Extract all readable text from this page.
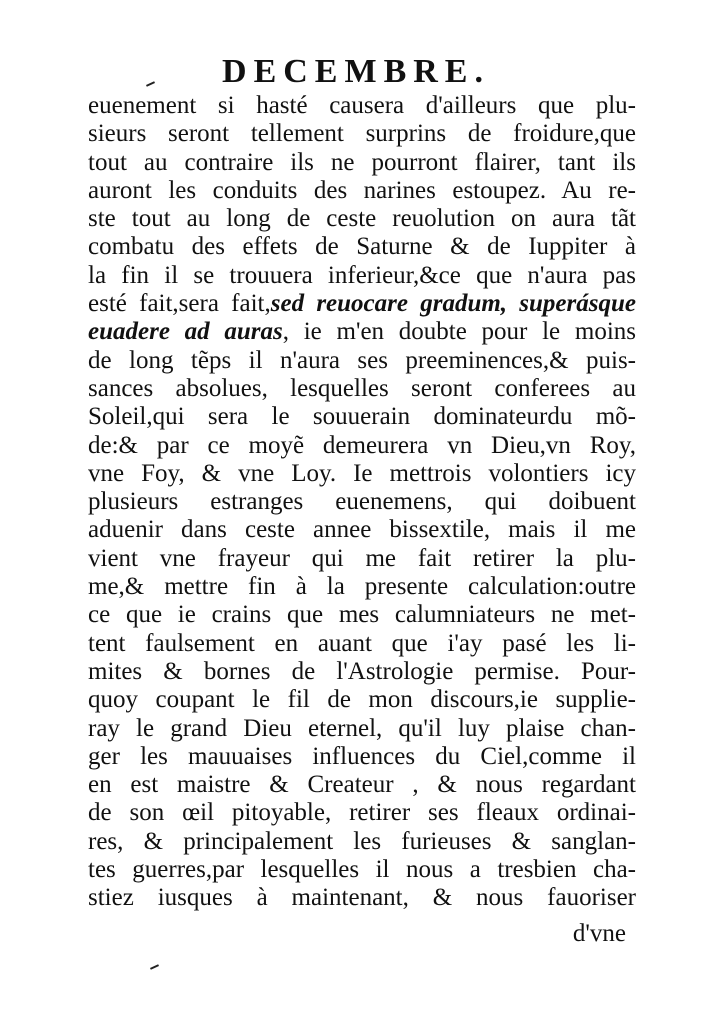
DECEMBRE.
euenement si hasté causera d'ailleurs que plu-
sieurs seront tellement surprins de froidure,que
tout au contraire ils ne pourront flairer, tant ils
auront les conduits des narines estoupez. Au re-
ste tout au long de ceste reuolution on aura tãt
combatu des effets de Saturne & de Iuppiter à
la fin il se trouuera inferieur,&ce que n'aura pas
esté fait,sera fait,sed reuocare gradum, superásque
euadere ad auras, ie m'en doubte pour le moins
de long tẽps il n'aura ses preeminences,& puis-
sances absolues, lesquelles seront conferees au
Soleil,qui sera le souuerain dominateurdu mõ-
de:& par ce moyẽ demeurera vn Dieu,vn Roy,
vne Foy, & vne Loy. Ie mettrois volontiers icy
plusieurs estranges euenemens, qui doibuent
aduenir dans ceste annee bissextile, mais il me
vient vne frayeur qui me fait retirer la plu-
me,& mettre fin à la presente calculation:outre
ce que ie crains que mes calumniateurs ne met-
tent faulsement en auant que i'ay pasé les li-
mites & bornes de l'Astrologie permise. Pour-
quoy coupant le fil de mon discours,ie supplie-
ray le grand Dieu eternel, qu'il luy plaise chan-
ger les mauuaises influences du Ciel,comme il
en est maistre & Createur , & nous regardant
de son œil pitoyable, retirer ses fleaux ordinai-
res, & principalement les furieuses & sanglan-
tes guerres,par lesquelles il nous a tresbien cha-
stiez iusques à maintenant, & nous fauoriser
d'vne
